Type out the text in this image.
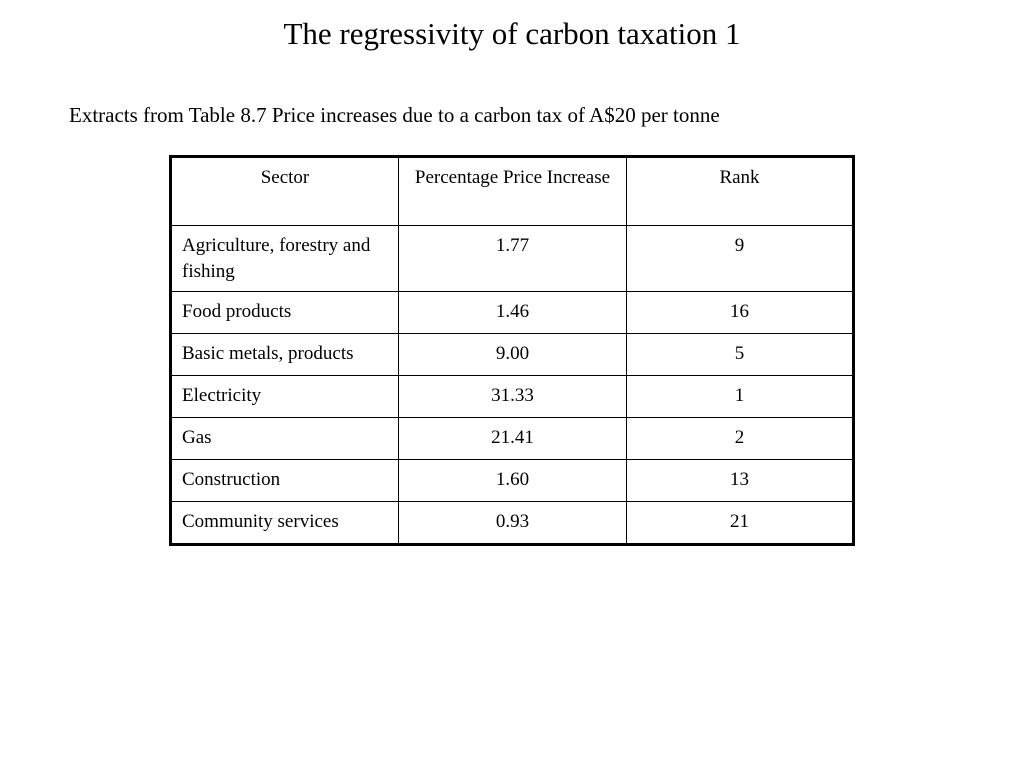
The regressivity of carbon taxation 1
Extracts from Table 8.7 Price increases due to a carbon tax of A$20 per tonne
Sector	Percentage Price Increase	Rank
Agriculture, forestry and fishing	1.77	9
Food products	1.46	16
Basic metals, products	9.00	5
Electricity	31.33	1
Gas	21.41	2
Construction	1.60	13
Community services	0.93	21
